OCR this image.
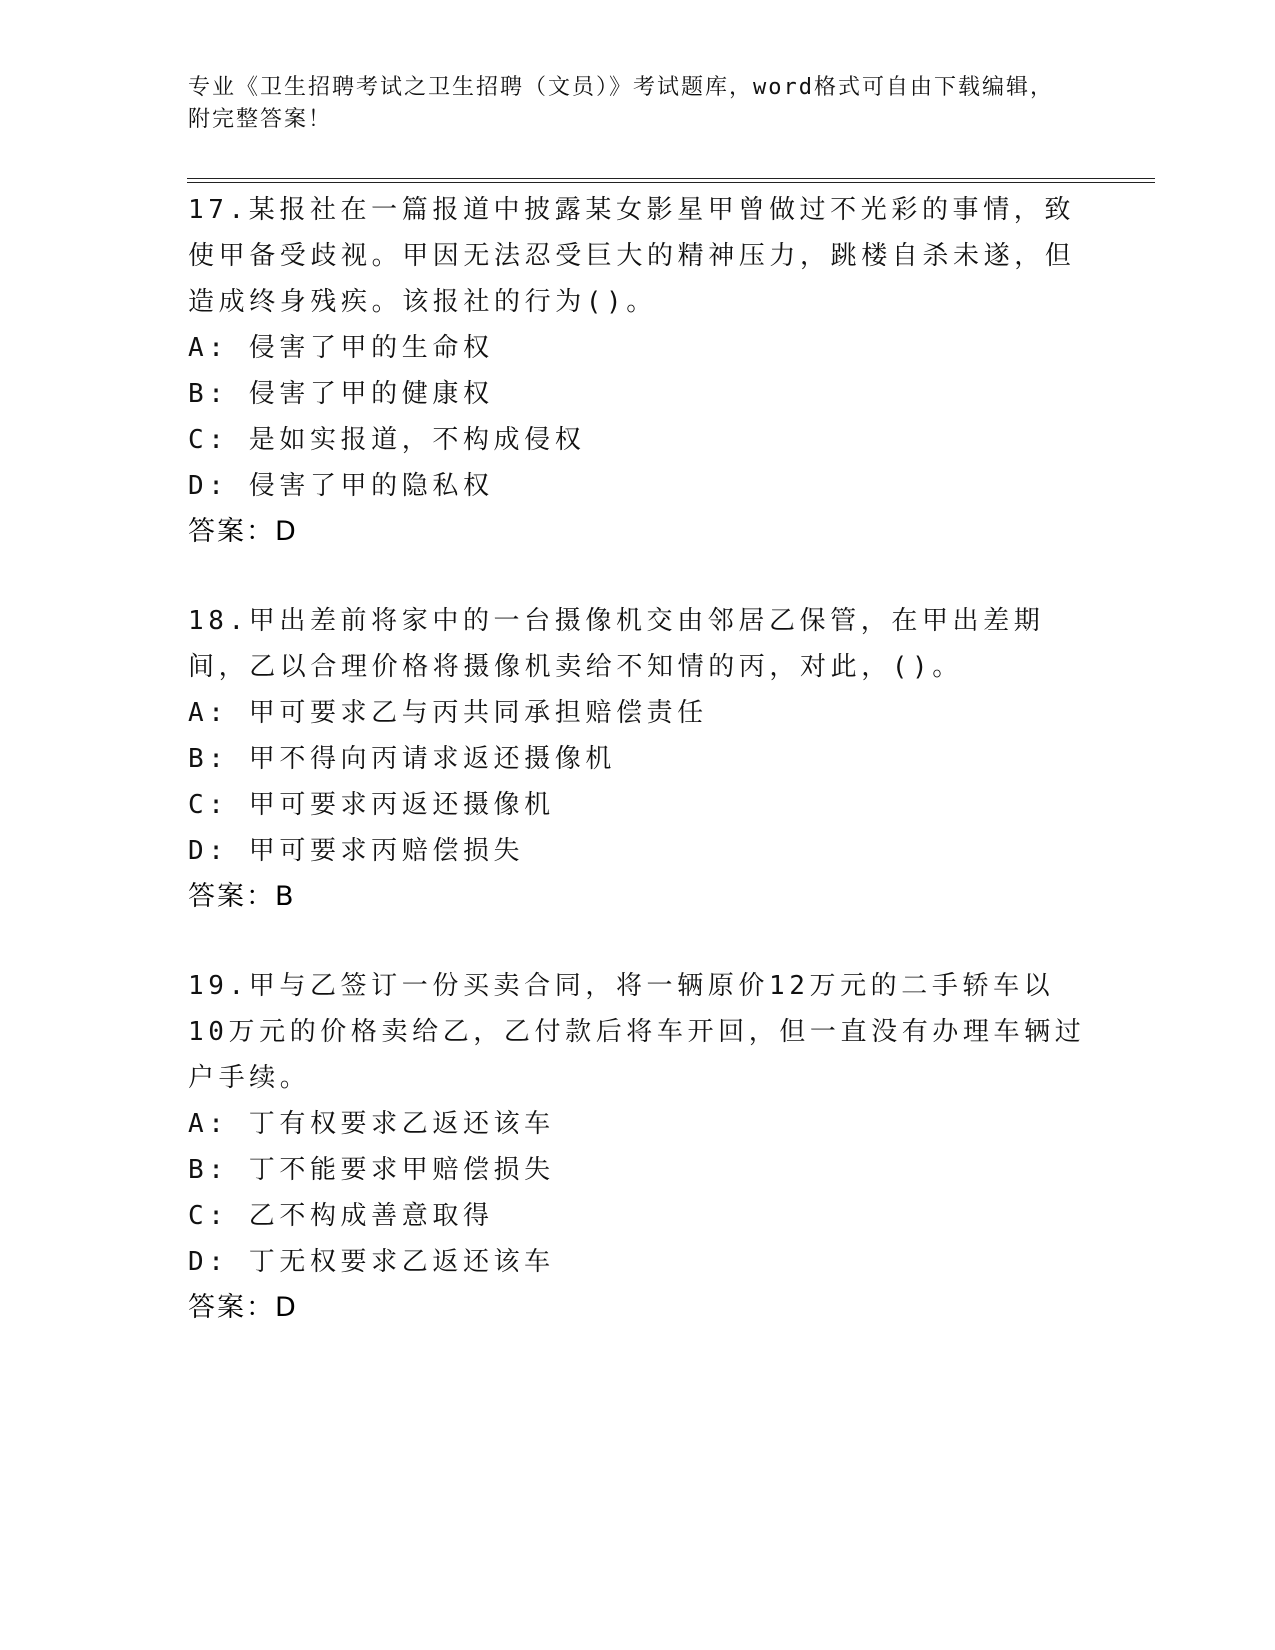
专业《卫生招聘考试之卫生招聘（文员）》考试题库，word格式可自由下载编辑，附完整答案！

17.某报社在一篇报道中披露某女影星甲曾做过不光彩的事情，致使甲备受歧视。甲因无法忍受巨大的精神压力，跳楼自杀未遂，但造成终身残疾。该报社的行为()。

A: 侵害了甲的生命权

B: 侵害了甲的健康权

C: 是如实报道，不构成侵权

D: 侵害了甲的隐私权

答案：D

18.甲出差前将家中的一台摄像机交由邻居乙保管，在甲出差期间，乙以合理价格将摄像机卖给不知情的丙，对此，()。

A: 甲可要求乙与丙共同承担赔偿责任

B: 甲不得向丙请求返还摄像机

C: 甲可要求丙返还摄像机

D: 甲可要求丙赔偿损失

答案：B

19.甲与乙签订一份买卖合同，将一辆原价12万元的二手轿车以10万元的价格卖给乙，乙付款后将车开回，但一直没有办理车辆过户手续。

A: 丁有权要求乙返还该车

B: 丁不能要求甲赔偿损失

C: 乙不构成善意取得

D: 丁无权要求乙返还该车

答案：D
